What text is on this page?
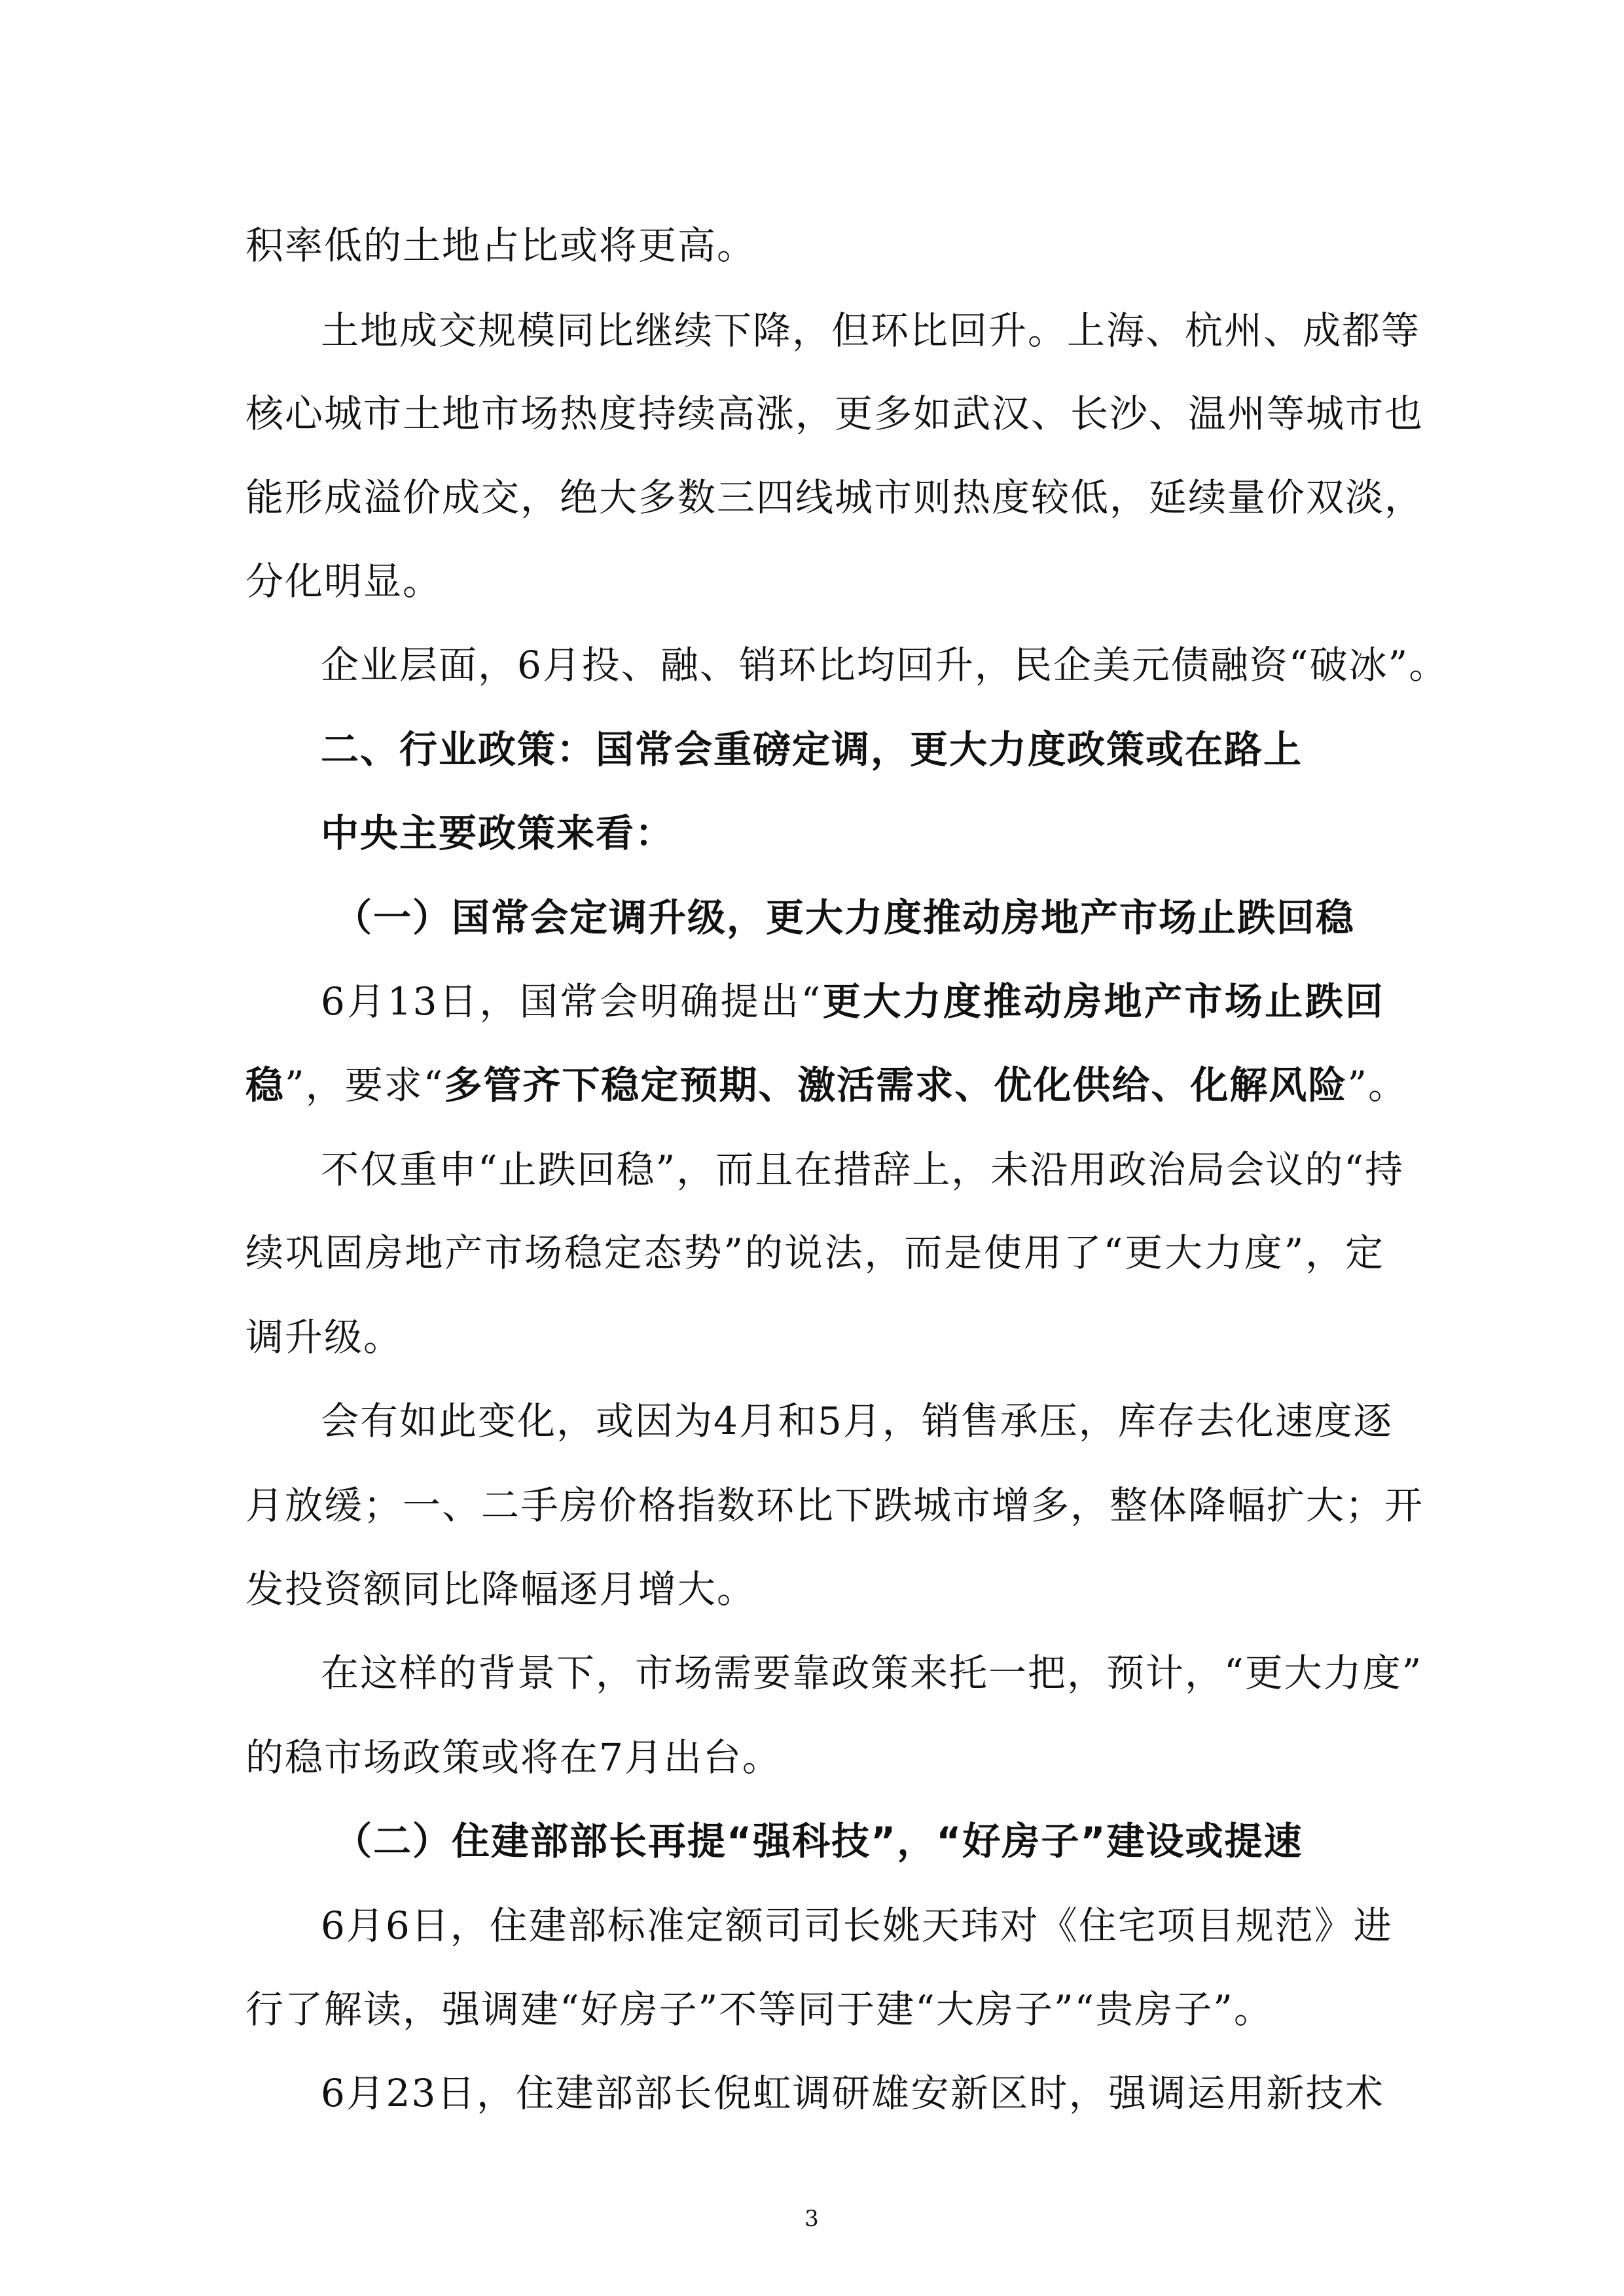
积率低的土地占比或将更高。
土地成交规模同比继续下降，但环比回升。上海、杭州、成都等
核心城市土地市场热度持续高涨，更多如武汉、长沙、温州等城市也
能形成溢价成交，绝大多数三四线城市则热度较低，延续量价双淡，
分化明显。
企业层面，6月投、融、销环比均回升，民企美元债融资“破冰”。
二、行业政策：国常会重磅定调，更大力度政策或在路上
中央主要政策来看：
（一）国常会定调升级，更大力度推动房地产市场止跌回稳
6月13日，国常会明确提出“更大力度推动房地产市场止跌回
稳”，要求“多管齐下稳定预期、激活需求、优化供给、化解风险”。
不仅重申“止跌回稳”，而且在措辞上，未沿用政治局会议的“持
续巩固房地产市场稳定态势”的说法，而是使用了“更大力度”，定
调升级。
会有如此变化，或因为4月和5月，销售承压，库存去化速度逐
月放缓；一、二手房价格指数环比下跌城市增多，整体降幅扩大；开
发投资额同比降幅逐月增大。
在这样的背景下，市场需要靠政策来托一把，预计，“更大力度”
的稳市场政策或将在7月出台。
（二）住建部部长再提“强科技”，“好房子”建设或提速
6月6日，住建部标准定额司司长姚天玮对《住宅项目规范》进
行了解读，强调建“好房子”不等同于建“大房子”“贵房子”。
6月23日，住建部部长倪虹调研雄安新区时，强调运用新技术
3
